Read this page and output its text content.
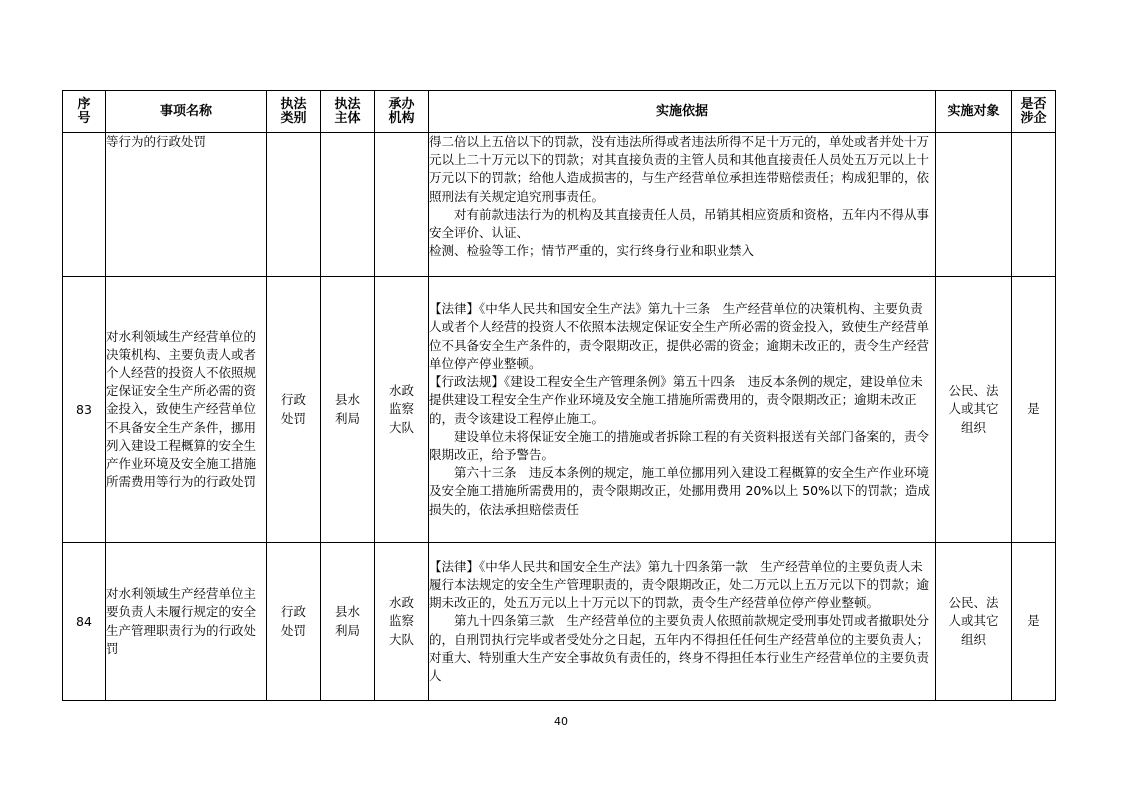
序号	事项名称	执法类别	执法主体	承办机构	实施依据	实施对象	是否涉企
	等行为的行政处罚				得二倍以上五倍以下的罚款，没有违法所得或者违法所得不足十万元的，单处或者并处十万元以上二十万元以下的罚款；对其直接负责的主管人员和其他直接责任人员处五万元以上十万元以下的罚款；给他人造成损害的，与生产经营单位承担连带赔偿责任；构成犯罪的，依照刑法有关规定追究刑事责任。

对有前款违法行为的机构及其直接责任人员，吊销其相应资质和资格，五年内不得从事安全评价、认证、

检测、检验等工作；情节严重的，实行终身行业和职业禁入		

83	对水利领域生产经营单位的决策机构、主要负责人或者个人经营的投资人不依照规定保证安全生产所必需的资金投入，致使生产经营单位不具备安全生产条件，挪用列入建设工程概算的安全生产作业环境及安全施工措施所需费用等行为的行政处罚	行政处罚	县水利局	水政监察大队	【法律】《中华人民共和国安全生产法》第九十三条　生产经营单位的决策机构、主要负责人或者个人经营的投资人不依照本法规定保证安全生产所必需的资金投入，致使生产经营单位不具备安全生产条件的，责令限期改正，提供必需的资金；逾期未改正的，责令生产经营单位停产停业整顿。

【行政法规】《建设工程安全生产管理条例》第五十四条　违反本条例的规定，建设单位未提供建设工程安全生产作业环境及安全施工措施所需费用的，责令限期改正；逾期未改正的，责令该建设工程停止施工。

建设单位未将保证安全施工的措施或者拆除工程的有关资料报送有关部门备案的，责令限期改正，给予警告。

第六十三条　违反本条例的规定，施工单位挪用列入建设工程概算的安全生产作业环境及安全施工措施所需费用的，责令限期改正，处挪用费用 20%以上 50%以下的罚款；造成损失的，依法承担赔偿责任	公民、法人或其它组织	是
84	对水利领域生产经营单位主要负责人未履行规定的安全生产管理职责行为的行政处罚	行政处罚	县水利局	水政监察大队	【法律】《中华人民共和国安全生产法》第九十四条第一款　生产经营单位的主要负责人未履行本法规定的安全生产管理职责的，责令限期改正，处二万元以上五万元以下的罚款；逾期未改正的，处五万元以上十万元以下的罚款，责令生产经营单位停产停业整顿。

第九十四条第三款　生产经营单位的主要负责人依照前款规定受刑事处罚或者撤职处分的，自刑罚执行完毕或者受处分之日起，五年内不得担任任何生产经营单位的主要负责人；对重大、特别重大生产安全事故负有责任的，终身不得担任本行业生产经营单位的主要负责人	公民、法人或其它组织	是
40
